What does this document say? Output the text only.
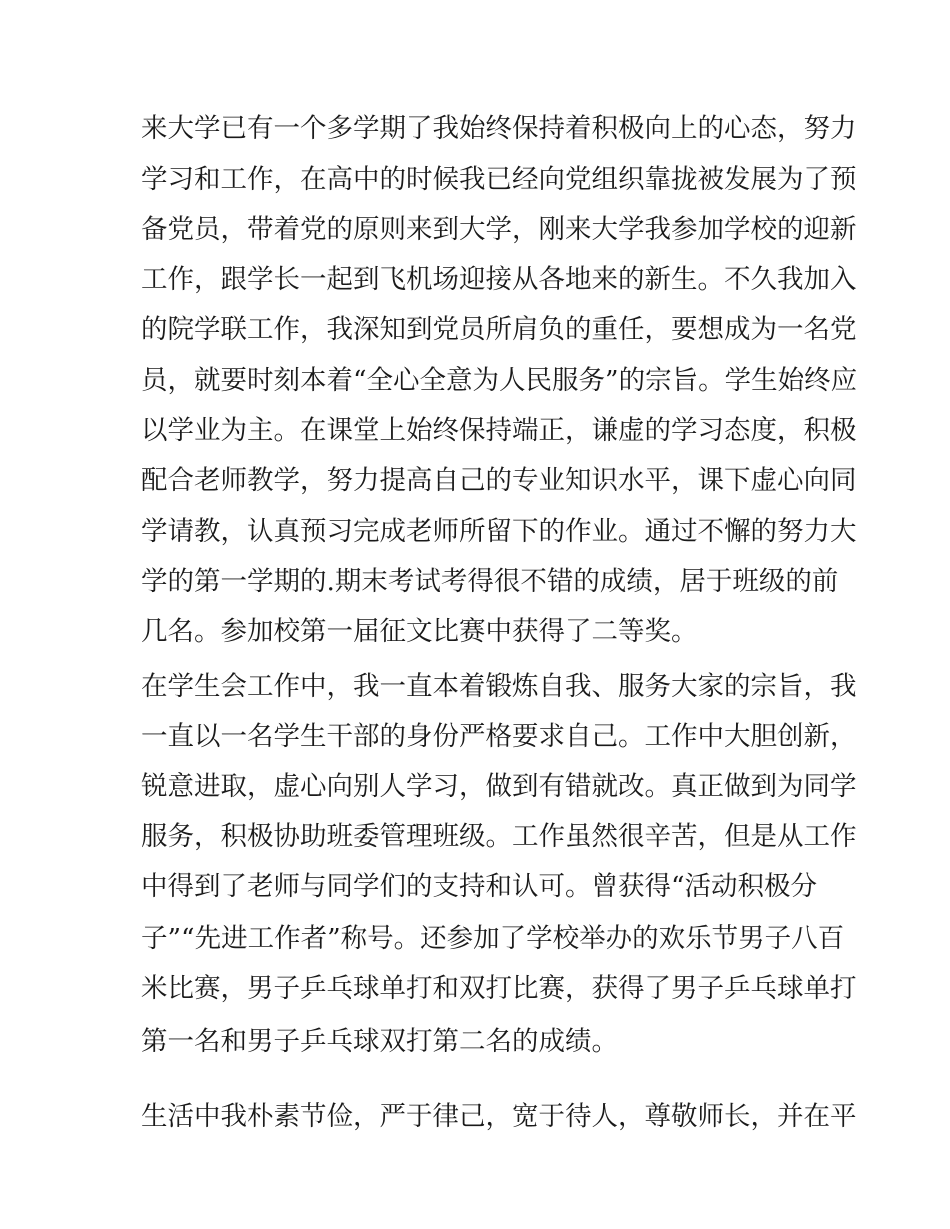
来大学已有一个多学期了我始终保持着积极向上的心态，努力
学习和工作，在高中的时候我已经向党组织靠拢被发展为了预
备党员，带着党的原则来到大学，刚来大学我参加学校的迎新
工作，跟学长一起到飞机场迎接从各地来的新生。不久我加入
的院学联工作，我深知到党员所肩负的重任，要想成为一名党
员，就要时刻本着“全心全意为人民服务”的宗旨。学生始终应
以学业为主。在课堂上始终保持端正，谦虚的学习态度，积极
配合老师教学，努力提高自己的专业知识水平，课下虚心向同
学请教，认真预习完成老师所留下的作业。通过不懈的努力大
学的第一学期的.期末考试考得很不错的成绩，居于班级的前
几名。参加校第一届征文比赛中获得了二等奖。
在学生会工作中，我一直本着锻炼自我、服务大家的宗旨，我
一直以一名学生干部的身份严格要求自己。工作中大胆创新，
锐意进取，虚心向别人学习，做到有错就改。真正做到为同学
服务，积极协助班委管理班级。工作虽然很辛苦，但是从工作
中得到了老师与同学们的支持和认可。曾获得“活动积极分
子”“先进工作者”称号。还参加了学校举办的欢乐节男子八百
米比赛，男子乒乓球单打和双打比赛，获得了男子乒乓球单打
第一名和男子乒乓球双打第二名的成绩。
生活中我朴素节俭，严于律己，宽于待人，尊敬师长，并在平
